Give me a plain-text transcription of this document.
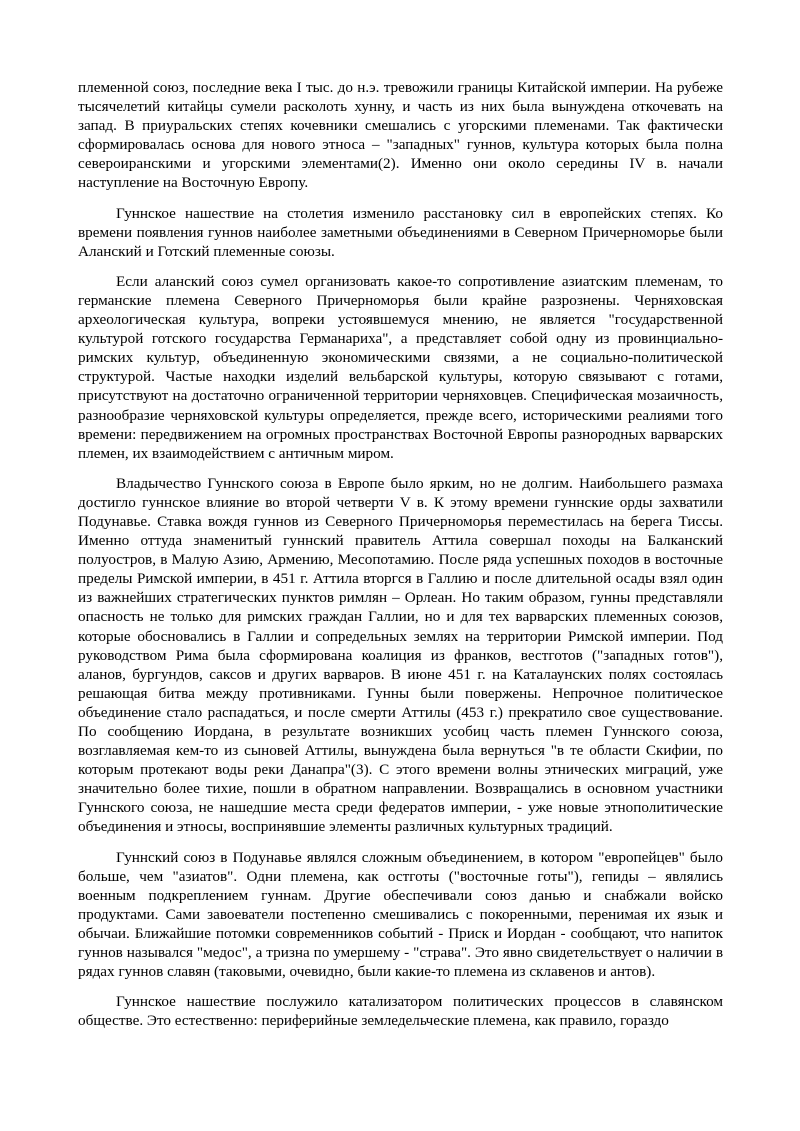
племенной союз, последние века I тыс. до н.э. тревожили границы Китайской империи. На рубеже тысячелетий китайцы сумели расколоть хунну, и часть из них была вынуждена откочевать на запад. В приуральских степях кочевники смешались с угорскими племенами. Так фактически сформировалась основа для нового этноса – "западных" гуннов, культура которых была полна североиранскими и угорскими элементами(2). Именно они около середины IV в. начали наступление на Восточную Европу.

Гуннское нашествие на столетия изменило расстановку сил в европейских степях. Ко времени появления гуннов наиболее заметными объединениями в Северном Причерноморье были Аланский и Готский племенные союзы.

Если аланский союз сумел организовать какое-то сопротивление азиатским племенам, то германские племена Северного Причерноморья были крайне разрознены. Черняховская археологическая культура, вопреки устоявшемуся мнению, не является "государственной культурой готского государства Германариха", а представляет собой одну из провинциально-римских культур, объединенную экономическими связями, а не социально-политической структурой. Частые находки изделий вельбарской культуры, которую связывают с готами, присутствуют на достаточно ограниченной территории черняховцев. Специфическая мозаичность, разнообразие черняховской культуры определяется, прежде всего, историческими реалиями того времени: передвижением на огромных пространствах Восточной Европы разнородных варварских племен, их взаимодействием с античным миром.

Владычество Гуннского союза в Европе было ярким, но не долгим. Наибольшего размаха достигло гуннское влияние во второй четверти V в. К этому времени гуннские орды захватили Подунавье. Ставка вождя гуннов из Северного Причерноморья переместилась на берега Тиссы. Именно оттуда знаменитый гуннский правитель Аттила совершал походы на Балканский полуостров, в Малую Азию, Армению, Месопотамию. После ряда успешных походов в восточные пределы Римской империи, в 451 г. Аттила вторгся в Галлию и после длительной осады взял один из важнейших стратегических пунктов римлян – Орлеан. Но таким образом, гунны представляли опасность не только для римских граждан Галлии, но и для тех варварских племенных союзов, которые обосновались в Галлии и сопредельных землях на территории Римской империи. Под руководством Рима была сформирована коалиция из франков, вестготов ("западных готов"), аланов, бургундов, саксов и других варваров. В июне 451 г. на Каталаунских полях состоялась решающая битва между противниками. Гунны были повержены. Непрочное политическое объединение стало распадаться, и после смерти Аттилы (453 г.) прекратило свое существование. По сообщению Иордана, в результате возникших усобиц часть племен Гуннского союза, возглавляемая кем-то из сыновей Аттилы, вынуждена была вернуться "в те области Скифии, по которым протекают воды реки Данапра"(3). С этого времени волны этнических миграций, уже значительно более тихие, пошли в обратном направлении. Возвращались в основном участники Гуннского союза, не нашедшие места среди федератов империи, - уже новые этнополитические объединения и этносы, воспринявшие элементы различных культурных традиций.

Гуннский союз в Подунавье являлся сложным объединением, в котором "европейцев" было больше, чем "азиатов". Одни племена, как остготы ("восточные готы"), гепиды – являлись военным подкреплением гуннам. Другие обеспечивали союз данью и снабжали войско продуктами. Сами завоеватели постепенно смешивались с покоренными, перенимая их язык и обычаи. Ближайшие потомки современников событий - Приск и Иордан - сообщают, что напиток гуннов назывался "медос", а тризна по умершему - "страва". Это явно свидетельствует о наличии в рядах гуннов славян (таковыми, очевидно, были какие-то племена из склавенов и антов).

Гуннское нашествие послужило катализатором политических процессов в славянском обществе. Это естественно: периферийные земледельческие племена, как правило, гораздо
